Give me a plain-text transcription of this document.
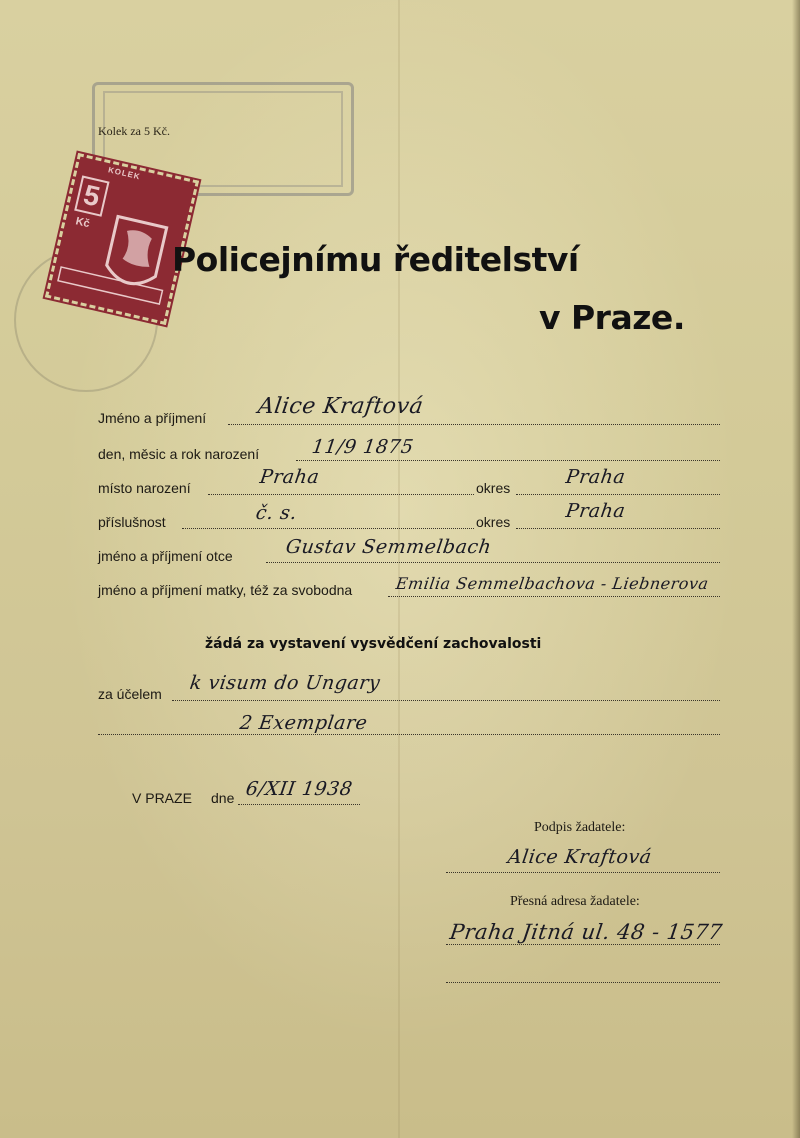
Kolek za 5 Kč.
KOLEK
5
Kč
Policejnímu ředitelství
v Praze.
Jméno a příjmení Alice Kraftová
den, měsic a rok narození	11/9 1875
místo narození	Praha	okres	Praha
příslušnost	č. s.	okres	Praha
jméno a příjmení otce	Gustav Semmelbach
jméno a příjmení matky, též za svobodna	Emilia Semmelbachova - Liebnerova
žádá za vystavení vysvědčení zachovalosti
za účelem k visum do Ungary
2 Exemplare
V PRAZE dne 6/XII 1938
Podpis žadatele:
Alice Kraftová
Přesná adresa žadatele:
Praha Jitná ul. 48 - 1577
